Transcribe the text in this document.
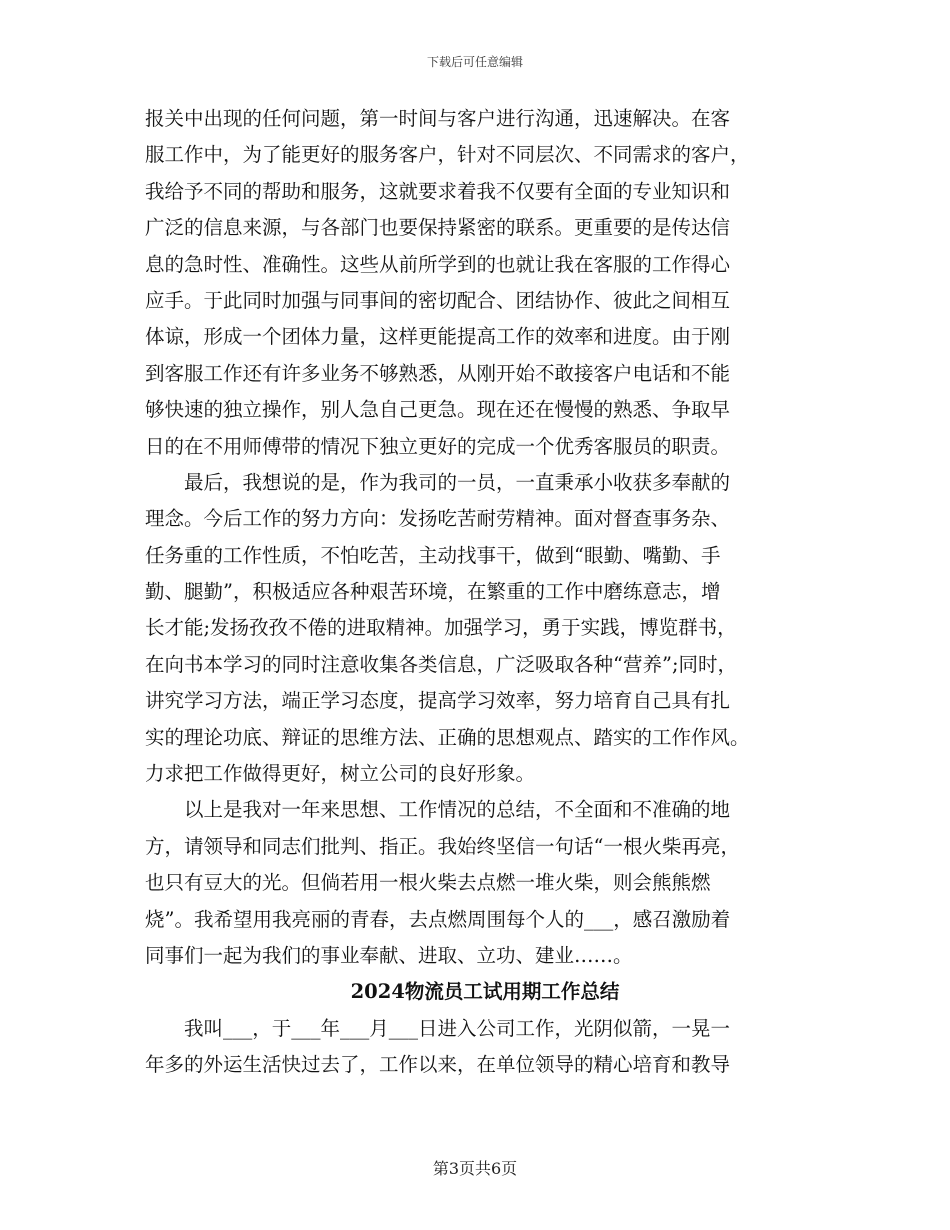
下载后可任意编辑
报关中出现的任何问题，第一时间与客户进行沟通，迅速解决。在客
服工作中，为了能更好的服务客户，针对不同层次、不同需求的客户，
我给予不同的帮助和服务，这就要求着我不仅要有全面的专业知识和
广泛的信息来源，与各部门也要保持紧密的联系。更重要的是传达信
息的急时性、准确性。这些从前所学到的也就让我在客服的工作得心
应手。于此同时加强与同事间的密切配合、团结协作、彼此之间相互
体谅，形成一个团体力量，这样更能提高工作的效率和进度。由于刚
到客服工作还有许多业务不够熟悉，从刚开始不敢接客户电话和不能
够快速的独立操作，别人急自己更急。现在还在慢慢的熟悉、争取早
日的在不用师傅带的情况下独立更好的完成一个优秀客服员的职责。
最后，我想说的是，作为我司的一员，一直秉承小收获多奉献的
理念。今后工作的努力方向：发扬吃苦耐劳精神。面对督查事务杂、
任务重的工作性质，不怕吃苦，主动找事干，做到“眼勤、嘴勤、手
勤、腿勤”，积极适应各种艰苦环境，在繁重的工作中磨练意志，增
长才能;发扬孜孜不倦的进取精神。加强学习，勇于实践，博览群书，
在向书本学习的同时注意收集各类信息，广泛吸取各种“营养”;同时，
讲究学习方法，端正学习态度，提高学习效率，努力培育自己具有扎
实的理论功底、辩证的思维方法、正确的思想观点、踏实的工作作风。
力求把工作做得更好，树立公司的良好形象。
以上是我对一年来思想、工作情况的总结，不全面和不准确的地
方，请领导和同志们批判、指正。我始终坚信一句话“一根火柴再亮，
也只有豆大的光。但倘若用一根火柴去点燃一堆火柴，则会熊熊燃
烧”。我希望用我亮丽的青春，去点燃周围每个人的___，感召激励着
同事们一起为我们的事业奉献、进取、立功、建业……。
2024物流员工试用期工作总结
我叫___，于___年___月___日进入公司工作，光阴似箭，一晃一
年多的外运生活快过去了，工作以来，在单位领导的精心培育和教导
第3页共6页
